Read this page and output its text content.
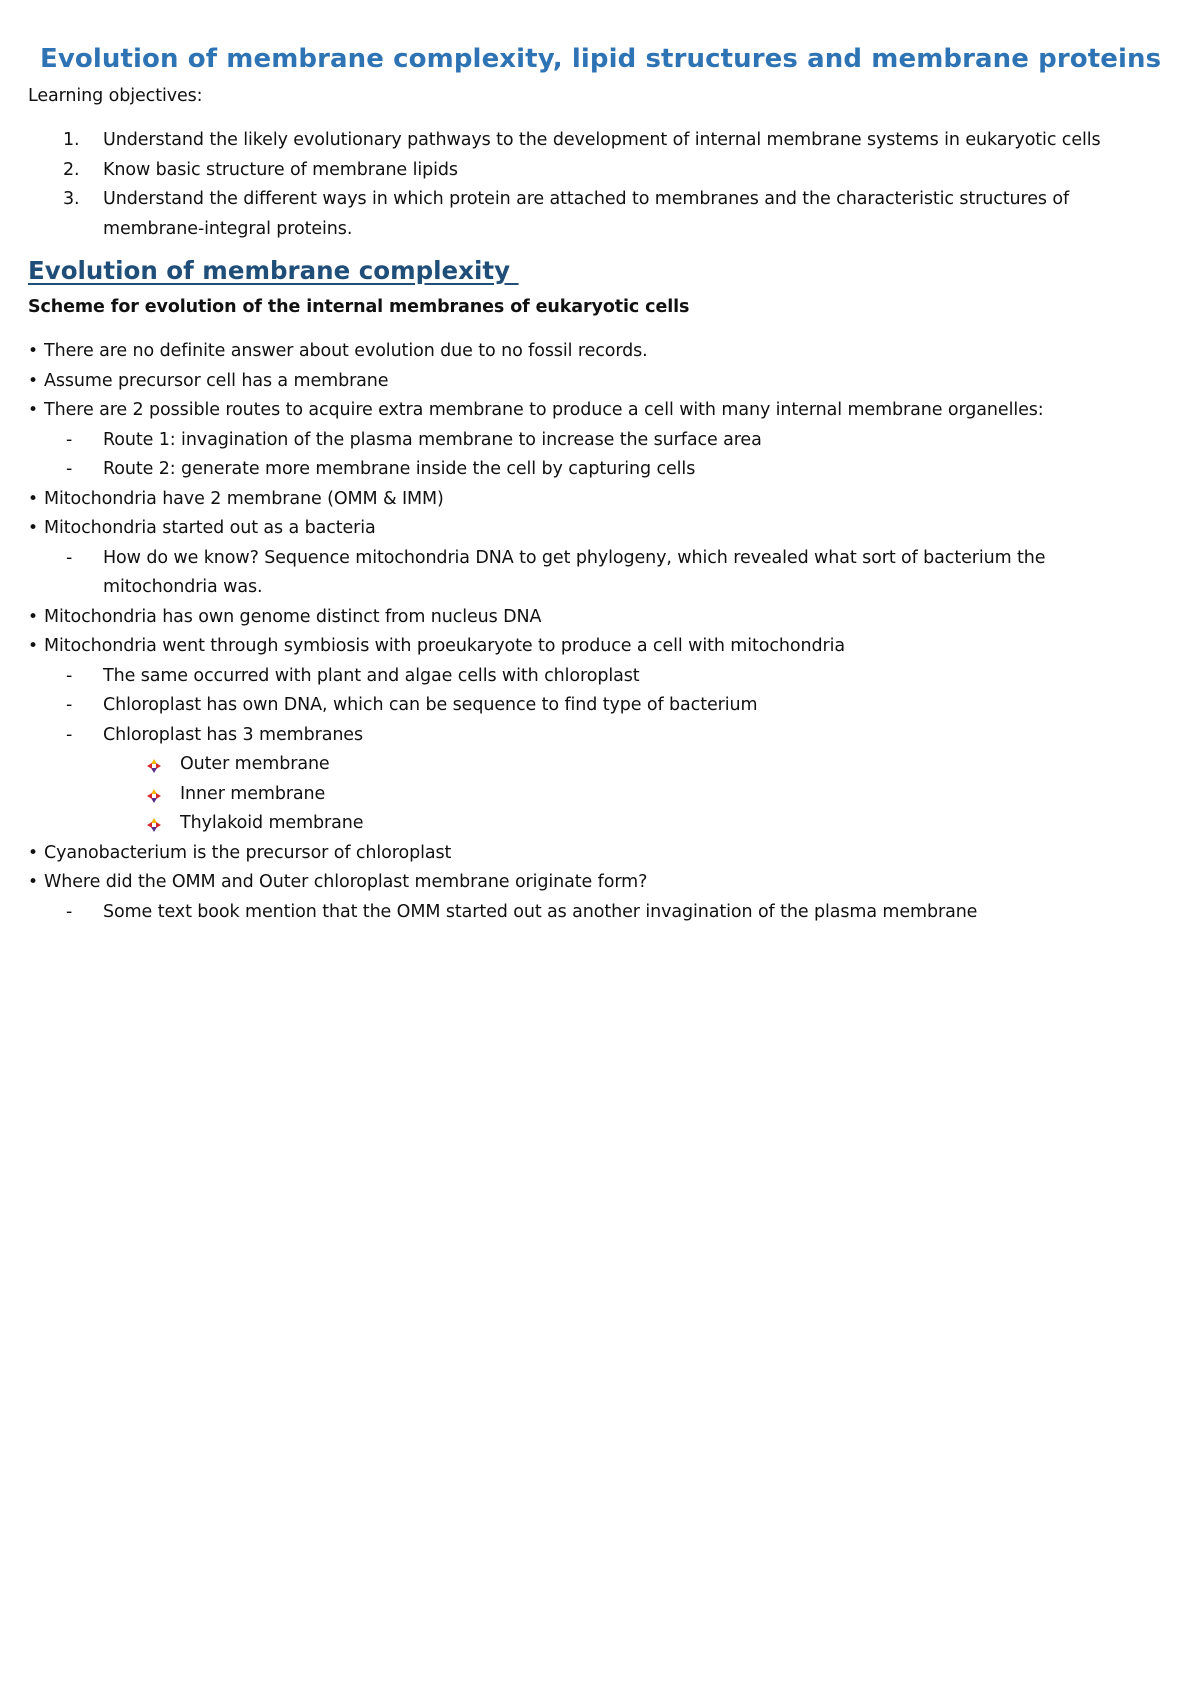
Evolution of membrane complexity, lipid structures and membrane proteins
Learning objectives:
1. Understand the likely evolutionary pathways to the development of internal membrane systems in eukaryotic cells
2. Know basic structure of membrane lipids
3. Understand the different ways in which protein are attached to membranes and the characteristic structures of membrane-integral proteins.
Evolution of membrane complexity
Scheme for evolution of the internal membranes of eukaryotic cells
• There are no definite answer about evolution due to no fossil records.
• Assume precursor cell has a membrane
• There are 2 possible routes to acquire extra membrane to produce a cell with many internal membrane organelles:
- Route 1: invagination of the plasma membrane to increase the surface area
- Route 2: generate more membrane inside the cell by capturing cells
• Mitochondria have 2 membrane (OMM & IMM)
• Mitochondria started out as a bacteria
- How do we know? Sequence mitochondria DNA to get phylogeny, which revealed what sort of bacterium the mitochondria was.
• Mitochondria has own genome distinct from nucleus DNA
• Mitochondria went through symbiosis with proeukaryote to produce a cell with mitochondria
- The same occurred with plant and algae cells with chloroplast
- Chloroplast has own DNA, which can be sequence to find type of bacterium
- Chloroplast has 3 membranes
Outer membrane
Inner membrane
Thylakoid membrane
• Cyanobacterium is the precursor of chloroplast
• Where did the OMM and Outer chloroplast membrane originate form?
- Some text book mention that the OMM started out as another invagination of the plasma membrane
